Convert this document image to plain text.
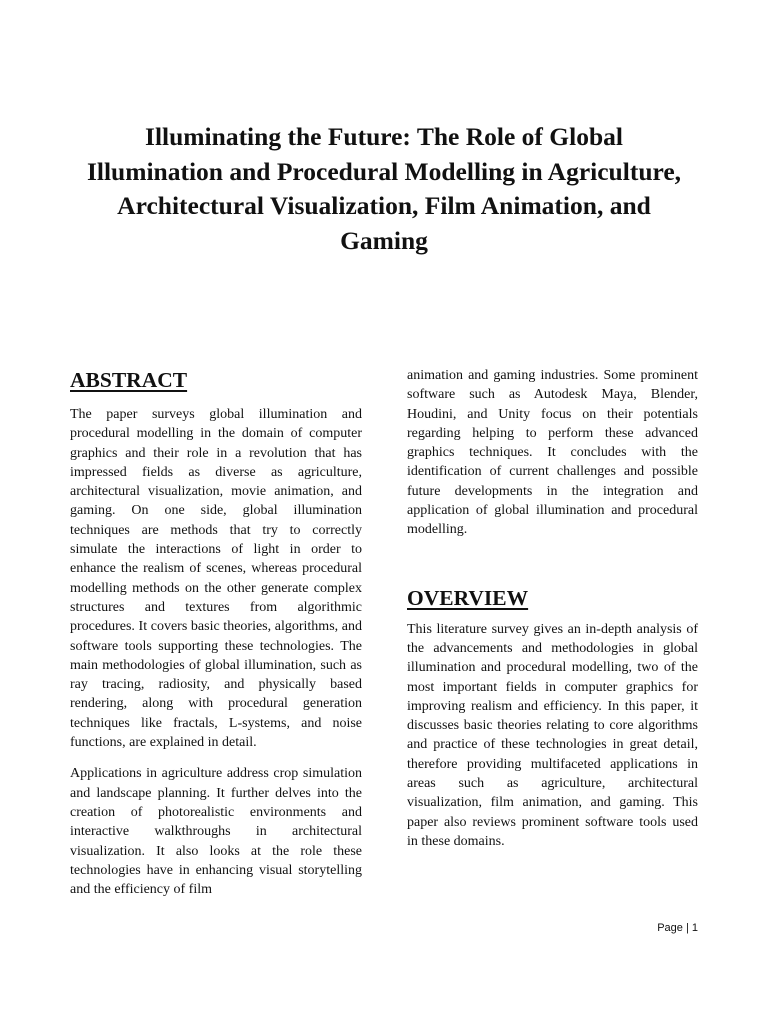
Illuminating the Future: The Role of Global Illumination and Procedural Modelling in Agriculture, Architectural Visualization, Film Animation, and Gaming
ABSTRACT

The paper surveys global illumination and procedural modelling in the domain of computer graphics and their role in a revolution that has impressed fields as diverse as agriculture, architectural visualization, movie animation, and gaming. On one side, global illumination techniques are methods that try to correctly simulate the interactions of light in order to enhance the realism of scenes, whereas procedural modelling methods on the other generate complex structures and textures from algorithmic procedures. It covers basic theories, algorithms, and software tools supporting these technologies. The main methodologies of global illumination, such as ray tracing, radiosity, and physically based rendering, along with procedural generation techniques like fractals, L-systems, and noise functions, are explained in detail.

Applications in agriculture address crop simulation and landscape planning. It further delves into the creation of photorealistic environments and interactive walkthroughs in architectural visualization. It also looks at the role these technologies have in enhancing visual storytelling and the efficiency of film

animation and gaming industries. Some prominent software such as Autodesk Maya, Blender, Houdini, and Unity focus on their potentials regarding helping to perform these advanced graphics techniques. It concludes with the identification of current challenges and possible future developments in the integration and application of global illumination and procedural modelling.

OVERVIEW

This literature survey gives an in-depth analysis of the advancements and methodologies in global illumination and procedural modelling, two of the most important fields in computer graphics for improving realism and efficiency. In this paper, it discusses basic theories relating to core algorithms and practice of these technologies in great detail, therefore providing multifaceted applications in areas such as agriculture, architectural visualization, film animation, and gaming. This paper also reviews prominent software tools used in these domains.

Page | 1
